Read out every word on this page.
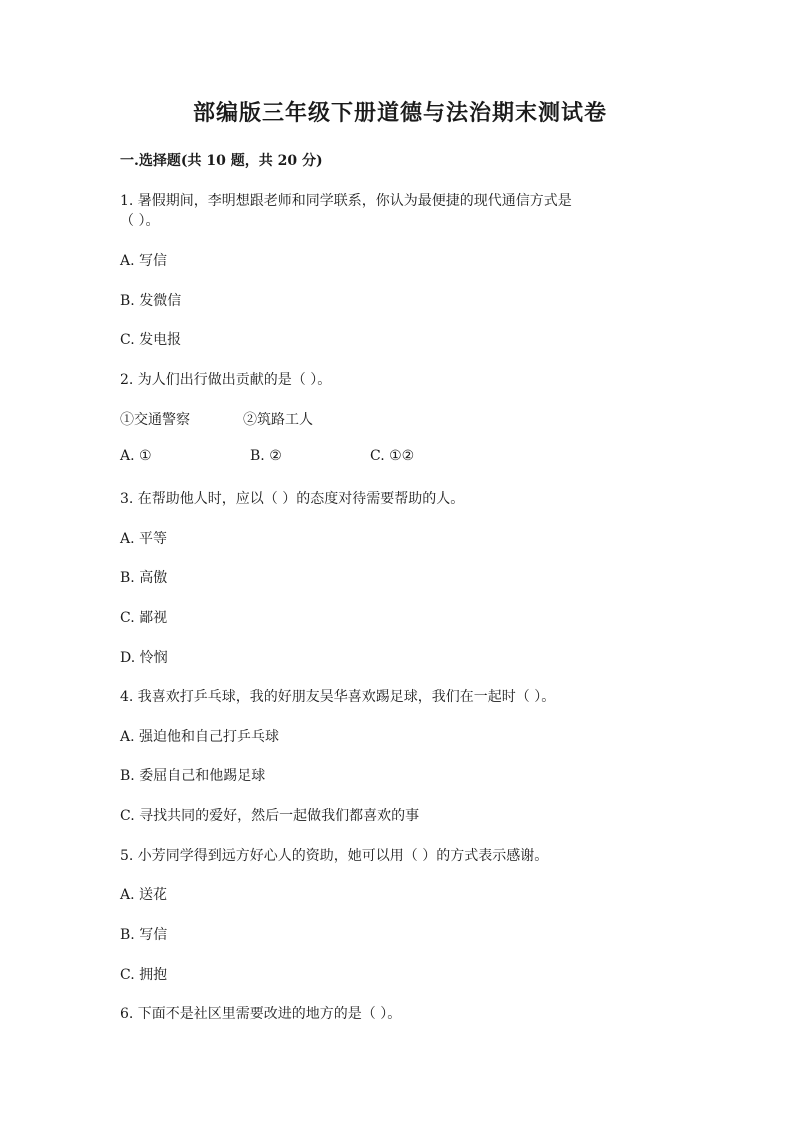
部编版三年级下册道德与法治期末测试卷
一.选择题(共 10 题，共 20 分)
1. 暑假期间，李明想跟老师和同学联系，你认为最便捷的现代通信方式是
（ ）。
A. 写信
B. 发微信
C. 发电报
2. 为人们出行做出贡献的是（ ）。
①交通警察	②筑路工人
A. ①	B. ②	C. ①②
3. 在帮助他人时，应以（ ）的态度对待需要帮助的人。
A. 平等
B. 高傲
C. 鄙视
D. 怜悯
4. 我喜欢打乒乓球，我的好朋友吴华喜欢踢足球，我们在一起时（ ）。
A. 强迫他和自己打乒乓球
B. 委屈自己和他踢足球
C. 寻找共同的爱好，然后一起做我们都喜欢的事
5. 小芳同学得到远方好心人的资助，她可以用（ ）的方式表示感谢。
A. 送花
B. 写信
C. 拥抱
6. 下面不是社区里需要改进的地方的是（ ）。
